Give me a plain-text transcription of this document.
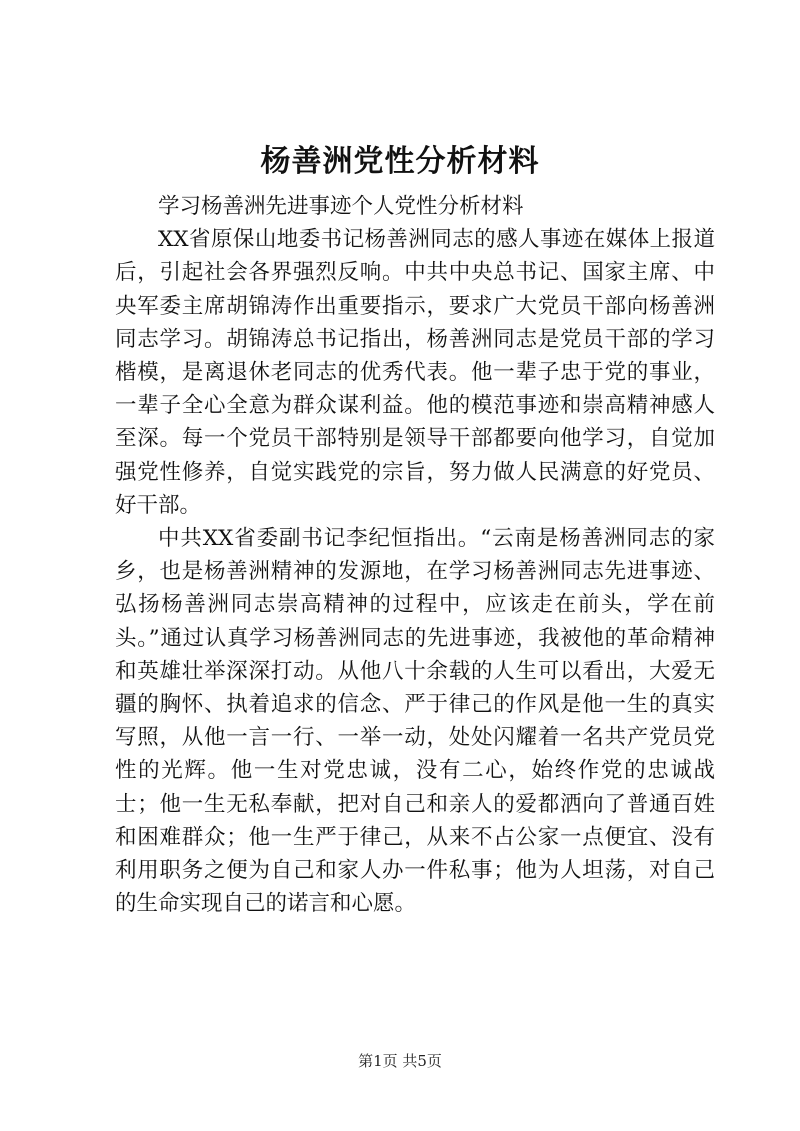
杨善洲党性分析材料

学习杨善洲先进事迹个人党性分析材料

XX省原保山地委书记杨善洲同志的感人事迹在媒体上报道后，引起社会各界强烈反响。中共中央总书记、国家主席、中央军委主席胡锦涛作出重要指示，要求广大党员干部向杨善洲同志学习。胡锦涛总书记指出，杨善洲同志是党员干部的学习楷模，是离退休老同志的优秀代表。他一辈子忠于党的事业，一辈子全心全意为群众谋利益。他的模范事迹和崇高精神感人至深。每一个党员干部特别是领导干部都要向他学习，自觉加强党性修养，自觉实践党的宗旨，努力做人民满意的好党员、好干部。

中共XX省委副书记李纪恒指出。“云南是杨善洲同志的家乡，也是杨善洲精神的发源地，在学习杨善洲同志先进事迹、弘扬杨善洲同志崇高精神的过程中，应该走在前头，学在前头。”通过认真学习杨善洲同志的先进事迹，我被他的革命精神和英雄壮举深深打动。从他八十余载的人生可以看出，大爱无疆的胸怀、执着追求的信念、严于律己的作风是他一生的真实写照，从他一言一行、一举一动，处处闪耀着一名共产党员党性的光辉。他一生对党忠诚，没有二心，始终作党的忠诚战士；他一生无私奉献，把对自己和亲人的爱都洒向了普通百姓和困难群众；他一生严于律己，从来不占公家一点便宜、没有利用职务之便为自己和家人办一件私事；他为人坦荡，对自己的生命实现自己的诺言和心愿。

第1页 共5页
